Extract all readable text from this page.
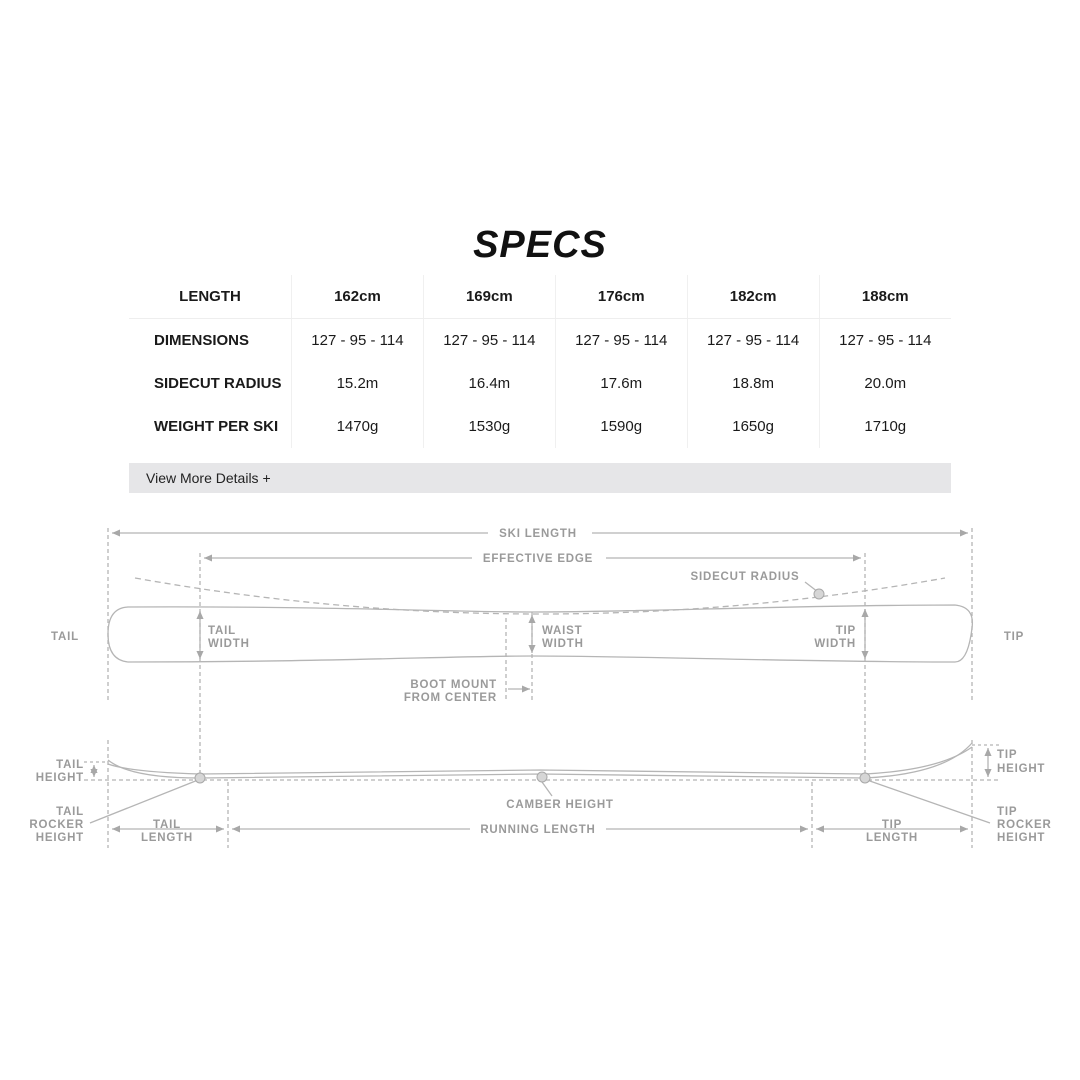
SPECS
LENGTH	162cm	169cm	176cm	182cm	188cm
DIMENSIONS	127 - 95 - 114	127 - 95 - 114	127 - 95 - 114	127 - 95 - 114	127 - 95 - 114
SIDECUT RADIUS	15.2m	16.4m	17.6m	18.8m	20.0m
WEIGHT PER SKI	1470g	1530g	1590g	1650g	1710g
View More Details +
SKI LENGTH
EFFECTIVE EDGE
SIDECUT RADIUS
TAIL	TIP
TAIL
WIDTH
WAIST
WIDTH
TIP
WIDTH
BOOT MOUNT
FROM CENTER
TAIL
HEIGHT
TIP
HEIGHT
TAIL
ROCKER
HEIGHT
TIP
ROCKER
HEIGHT
CAMBER HEIGHT
TAIL
LENGTH
RUNNING LENGTH	TIP
LENGTH
